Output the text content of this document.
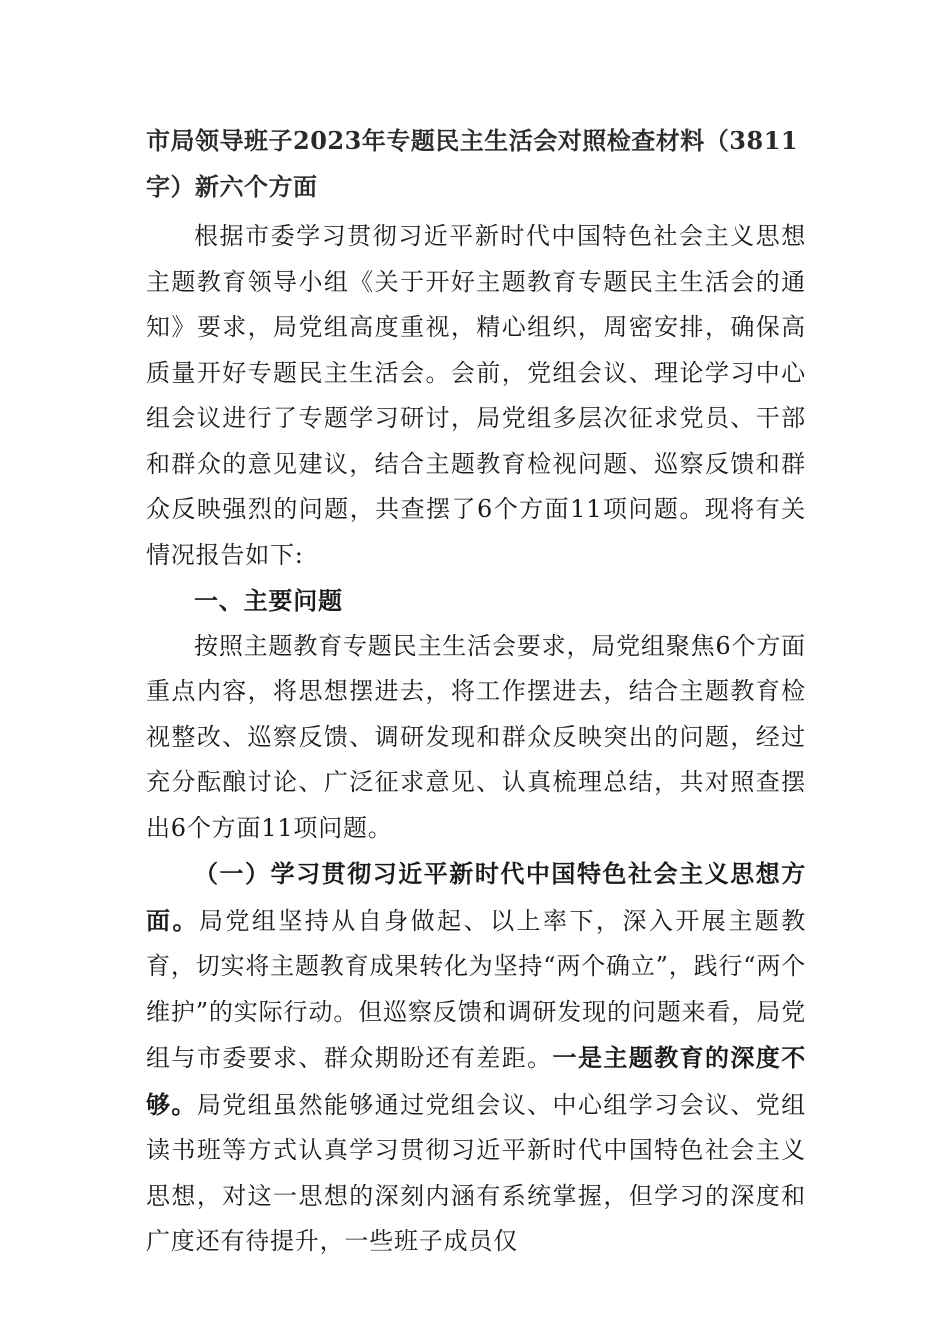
市局领导班子2023年专题民主生活会对照检查材料（3811字）新六个方面

根据市委学习贯彻习近平新时代中国特色社会主义思想主题教育领导小组《关于开好主题教育专题民主生活会的通知》要求，局党组高度重视，精心组织，周密安排，确保高质量开好专题民主生活会。会前，党组会议、理论学习中心组会议进行了专题学习研讨，局党组多层次征求党员、干部和群众的意见建议，结合主题教育检视问题、巡察反馈和群众反映强烈的问题，共查摆了6个方面11项问题。现将有关情况报告如下:

一、主要问题

按照主题教育专题民主生活会要求，局党组聚焦6个方面重点内容，将思想摆进去，将工作摆进去，结合主题教育检视整改、巡察反馈、调研发现和群众反映突出的问题，经过充分酝酿讨论、广泛征求意见、认真梳理总结，共对照查摆出6个方面11项问题。

（一）学习贯彻习近平新时代中国特色社会主义思想方面。局党组坚持从自身做起、以上率下，深入开展主题教育，切实将主题教育成果转化为坚持“两个确立”，践行“两个维护”的实际行动。但巡察反馈和调研发现的问题来看，局党组与市委要求、群众期盼还有差距。一是主题教育的深度不够。局党组虽然能够通过党组会议、中心组学习会议、党组读书班等方式认真学习贯彻习近平新时代中国特色社会主义思想，对这一思想的深刻内涵有系统掌握，但学习的深度和广度还有待提升，一些班子成员仅
